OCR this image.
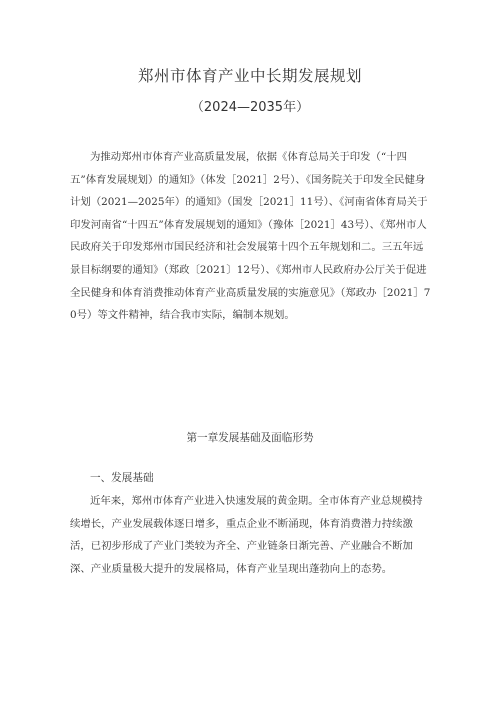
郑州市体育产业中长期发展规划
（2024—2035年）

为推动郑州市体育产业高质量发展，依据《体育总局关于印发（“十四五”体育发展规划）的通知》（体发［2021］2号）、《国务院关于印发全民健身计划（2021—2025年）的通知》（国发［2021］11号）、《河南省体育局关于印发河南省“十四五”体育发展规划的通知》（豫体［2021］43号）、《郑州市人民政府关于印发郑州市国民经济和社会发展第十四个五年规划和二。三五年远景目标纲要的通知》（郑政〔2021〕12号）、《郑州市人民政府办公厅关于促进全民健身和体育消费推动体育产业高质量发展的实施意见》（郑政办［2021］70号）等文件精神，结合我市实际，编制本规划。

第一章发展基础及面临形势
一、发展基础

近年来，郑州市体育产业进入快速发展的黄金期。全市体育产业总规模持续增长，产业发展载体逐日增多，重点企业不断涌现，体育消费潜力持续激活，已初步形成了产业门类较为齐全、产业链条日渐完善、产业融合不断加深、产业质量极大提升的发展格局，体育产业呈现出蓬勃向上的态势。
